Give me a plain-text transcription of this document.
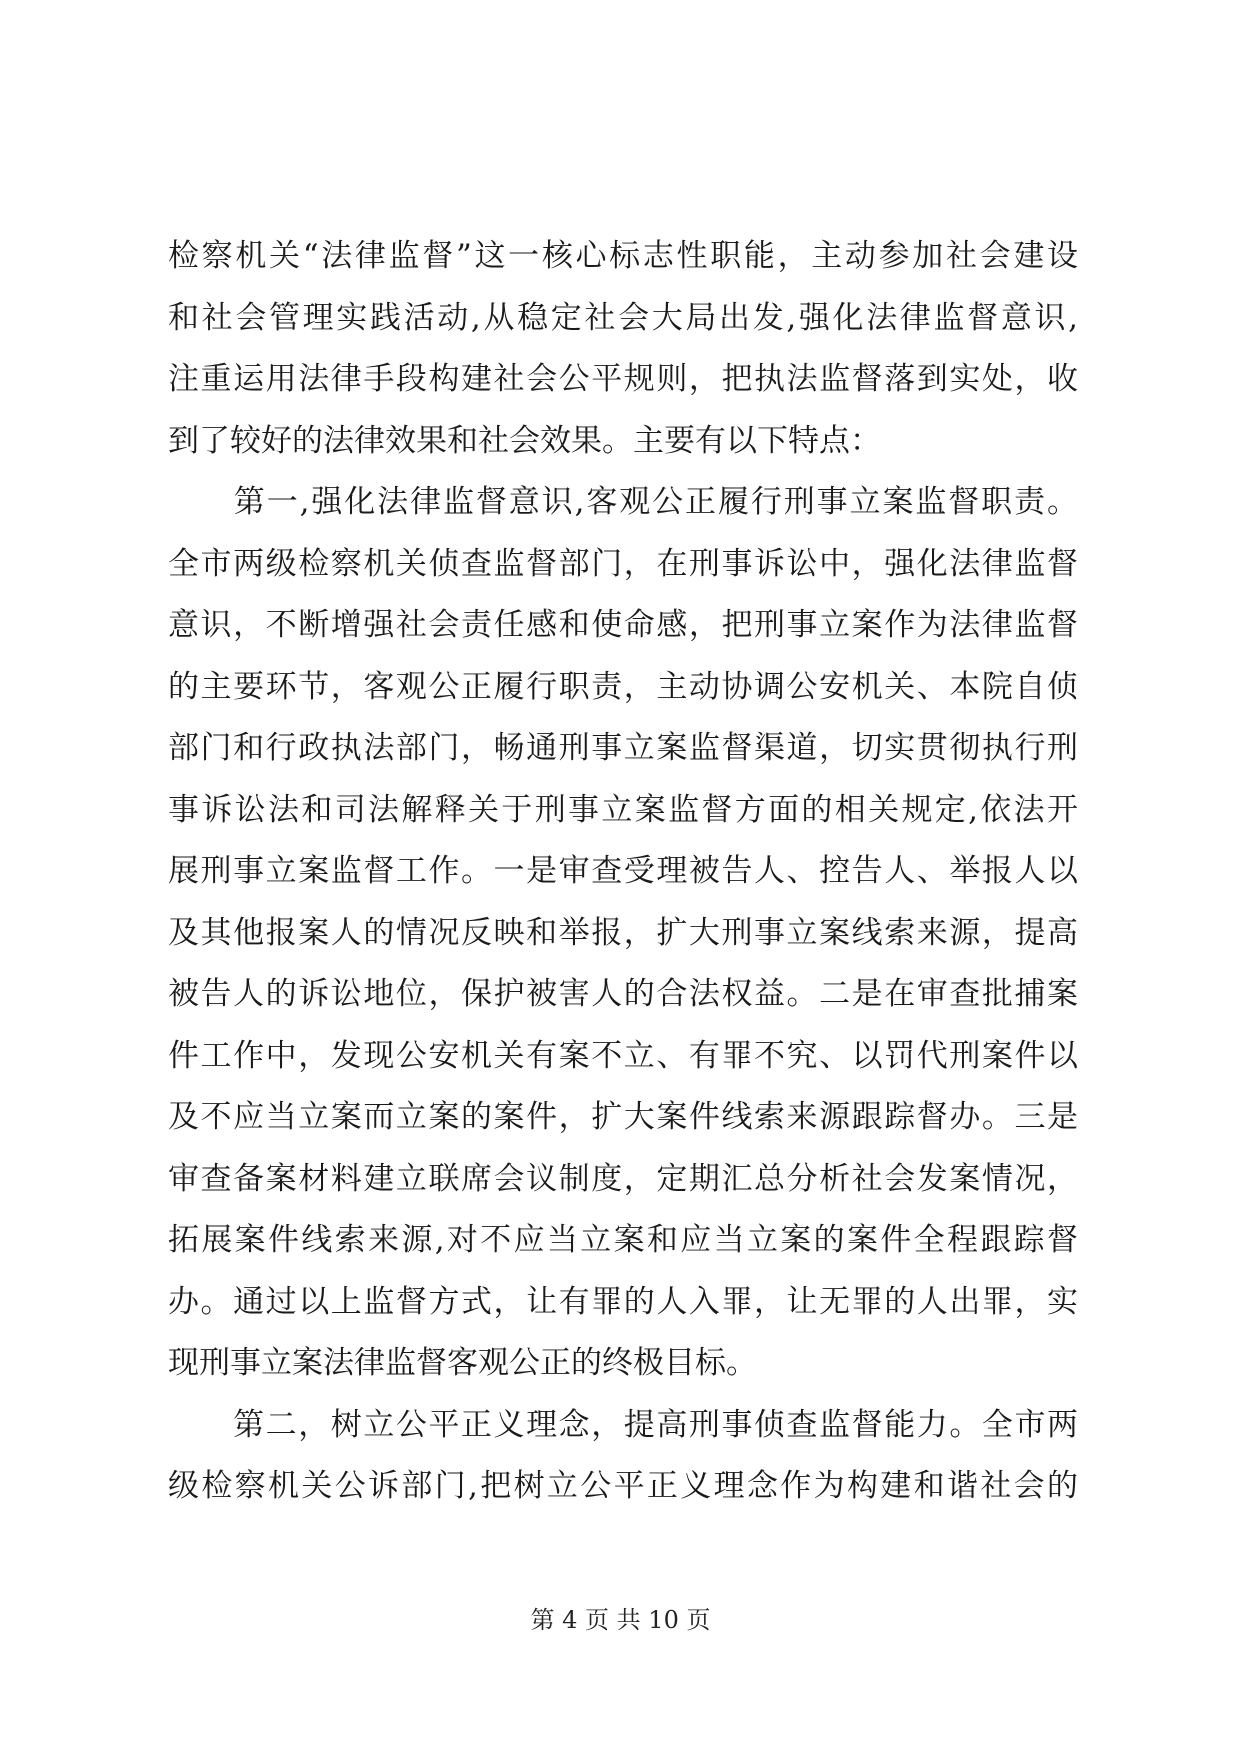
检察机关“法律监督”这一核心标志性职能，主动参加社会建设
和社会管理实践活动,从稳定社会大局出发,强化法律监督意识,
注重运用法律手段构建社会公平规则，把执法监督落到实处，收
到了较好的法律效果和社会效果。主要有以下特点：
　　第一,强化法律监督意识,客观公正履行刑事立案监督职责。
全市两级检察机关侦查监督部门，在刑事诉讼中，强化法律监督
意识，不断增强社会责任感和使命感，把刑事立案作为法律监督
的主要环节，客观公正履行职责，主动协调公安机关、本院自侦
部门和行政执法部门，畅通刑事立案监督渠道，切实贯彻执行刑
事诉讼法和司法解释关于刑事立案监督方面的相关规定,依法开
展刑事立案监督工作。一是审查受理被告人、控告人、举报人以
及其他报案人的情况反映和举报，扩大刑事立案线索来源，提高
被告人的诉讼地位，保护被害人的合法权益。二是在审查批捕案
件工作中，发现公安机关有案不立、有罪不究、以罚代刑案件以
及不应当立案而立案的案件，扩大案件线索来源跟踪督办。三是
审查备案材料建立联席会议制度，定期汇总分析社会发案情况，
拓展案件线索来源,对不应当立案和应当立案的案件全程跟踪督
办。通过以上监督方式，让有罪的人入罪，让无罪的人出罪，实
现刑事立案法律监督客观公正的终极目标。
　　第二，树立公平正义理念，提高刑事侦查监督能力。全市两
级检察机关公诉部门,把树立公平正义理念作为构建和谐社会的
第 4 页 共 10 页
